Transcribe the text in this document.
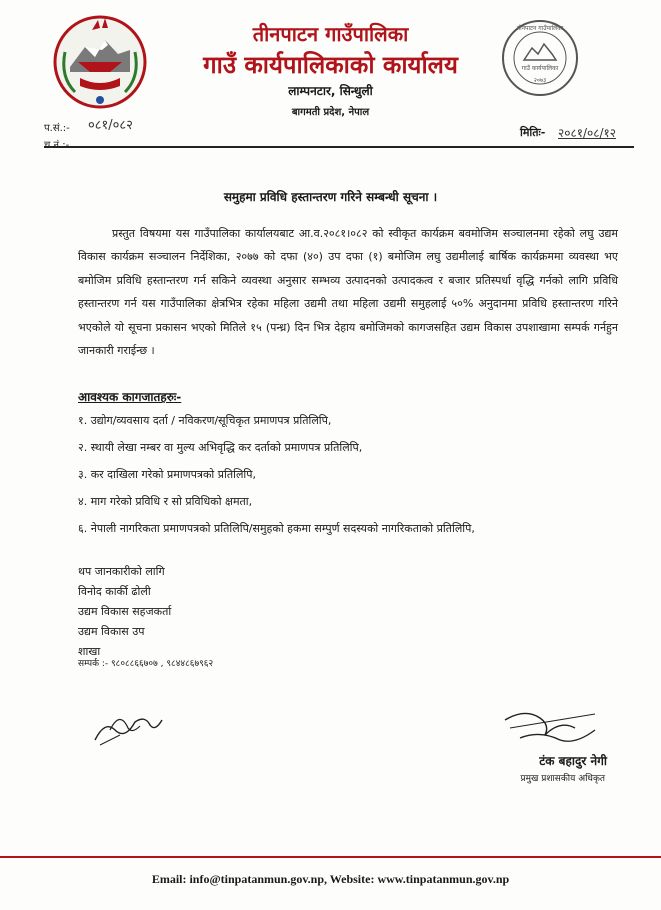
गाउँ कार्यपालिका
२०७३
तीनपाटन गाउँपालिका
तीनपाटन गाउँपालिका
गाउँ कार्यपालिकाको कार्यालय
लाम्पनटार, सिन्धुली
बागमती प्रदेश, नेपाल
प.सं.:- ०८१/०८२
च.नं.:-
मितिः- २०८१/०८/१२
समुहमा प्रविधि हस्तान्तरण गरिने सम्बन्धी सूचना ।

प्रस्तुत विषयमा यस गाउँपालिका कार्यालयबाट आ.व.२०८१।०८२ को स्वीकृत कार्यक्रम बवमोजिम सञ्चालनमा रहेको लघु उद्यम विकास कार्यक्रम सञ्चालन निर्देशिका, २०७७ को दफा (४०) उप दफा (१) बमोजिम लघु उद्यमीलाई बार्षिक कार्यक्रममा व्यवस्था भए बमोजिम प्रविधि हस्तान्तरण गर्न सकिने व्यवस्था अनुसार सम्भव्य उत्पादनको उत्पादकत्व र बजार प्रतिस्पर्धा वृद्धि गर्नको लागि प्रविधि हस्तान्तरण गर्न यस गाउँपालिका क्षेत्रभित्र रहेका महिला उद्यमी तथा महिला उद्यमी समुहलाई ५०% अनुदानमा प्रविधि हस्तान्तरण गरिने भएकोले यो सूचना प्रकासन भएको मितिले १५ (पन्ध्र) दिन भित्र देहाय बमोजिमको कागजसहित उद्यम विकास उपशाखामा सम्पर्क गर्नहुन जानकारी गराईन्छ ।

आवश्यक कागजातहरुः-
१. उद्योग/व्यवसाय दर्ता / नविकरण/सूचिकृत प्रमाणपत्र प्रतिलिपि,
२. स्थायी लेखा नम्बर वा मुल्य अभिवृद्धि कर दर्ताको प्रमाणपत्र प्रतिलिपि,
३. कर दाखिला गरेको प्रमाणपत्रको प्रतिलिपि,
४. माग गरेको प्रविधि र सो प्रविधिको क्षमता,
६. नेपाली नागरिकता प्रमाणपत्रको प्रतिलिपि/समुहको हकमा सम्पुर्ण सदस्यको नागरिकताको प्रतिलिपि,
थप जानकारीको लागि
विनोद कार्की ढोली
उद्यम विकास सहजकर्ता
उद्यम विकास उप
शाखा
सम्पर्क :- ९८०८८६६७०७ , ९८४४८६७९६२
टंक बहादुर नेगी
प्रमुख प्रशासकीय अधिकृत
Email: info@tinpatanmun.gov.np, Website: www.tinpatanmun.gov.np
